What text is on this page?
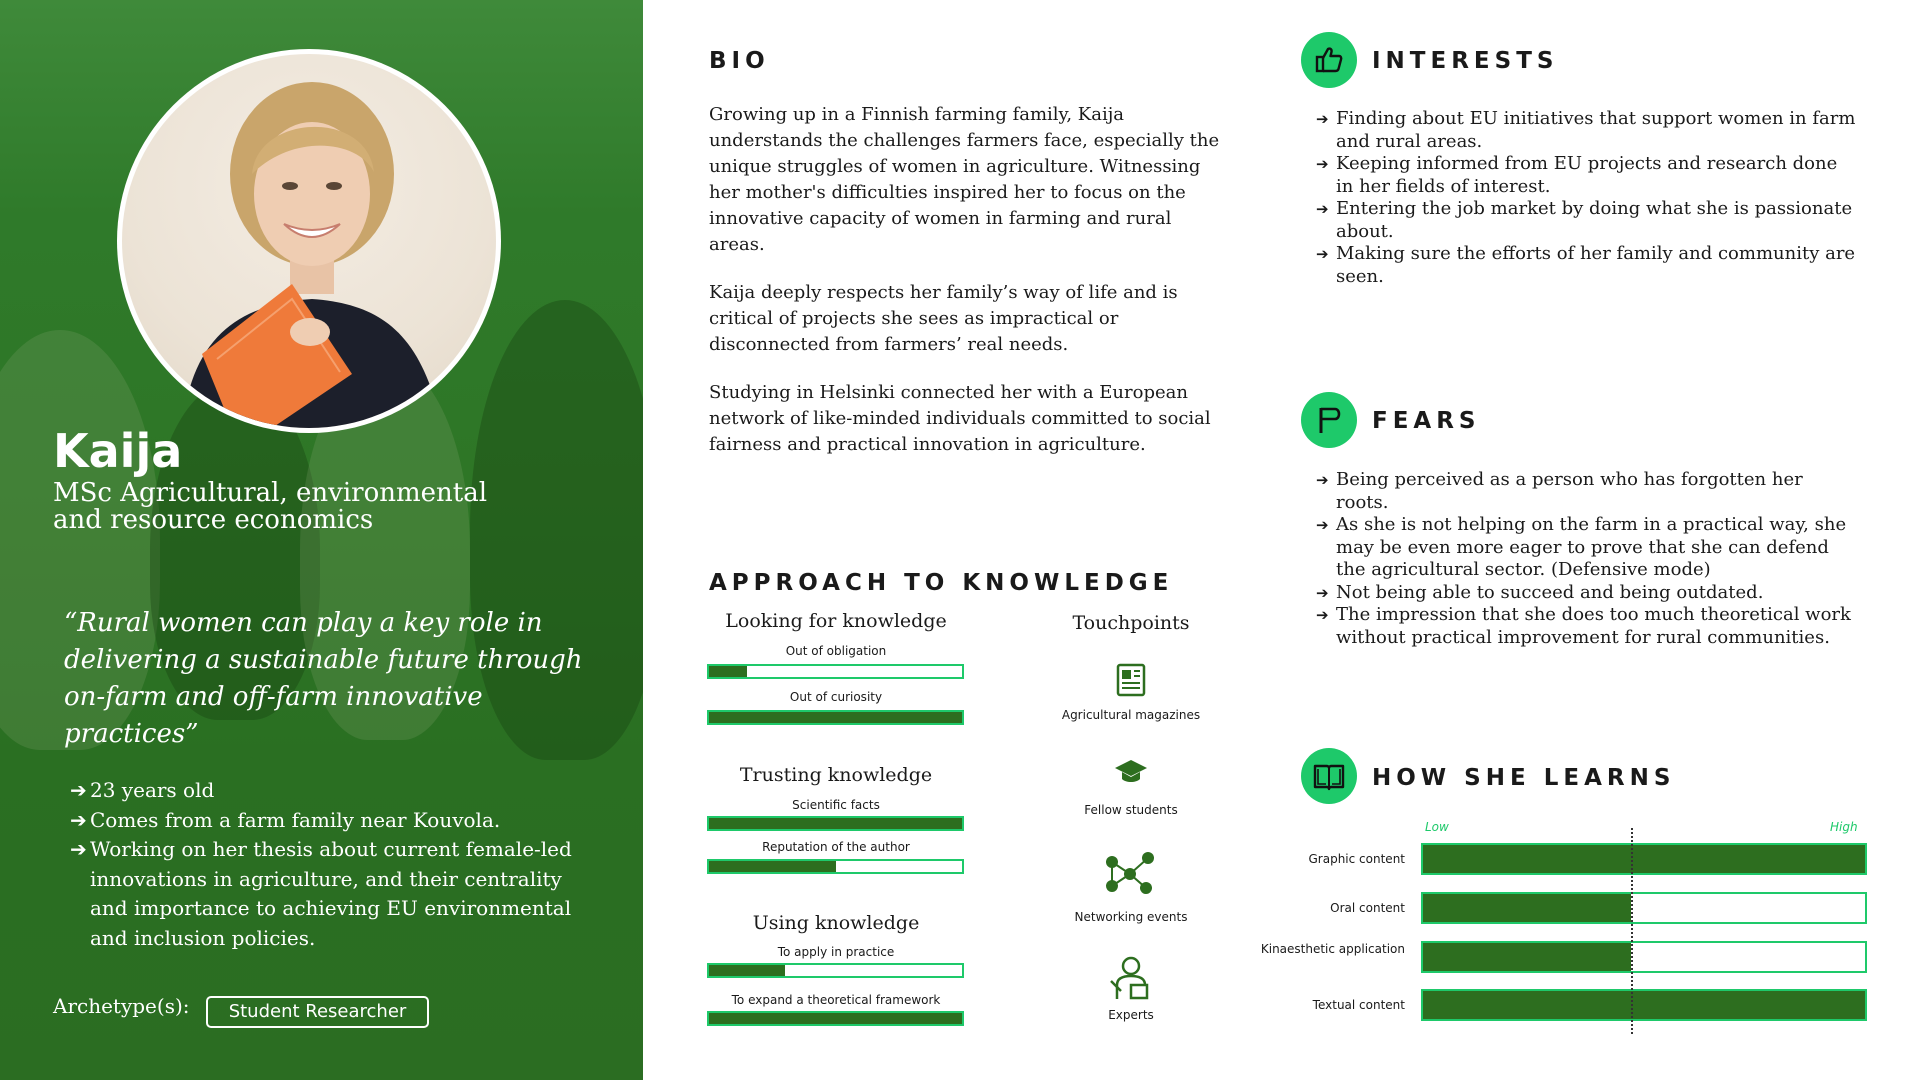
Kaija
MSc Agricultural, environmental and resource economics
“Rural women can play a key role in delivering a sustainable future through on-farm and off-farm innovative practices”
➔ 23 years old
➔ Comes from a farm family near Kouvola.
➔ Working on her thesis about current female-led innovations in agriculture, and their centrality and importance to achieving EU environmental and inclusion policies.
Archetype(s):	Student Researcher
BIO

Growing up in a Finnish farming family, Kaija understands the challenges farmers face, especially the unique struggles of women in agriculture. Witnessing her mother's difficulties inspired her to focus on the innovative capacity of women in farming and rural areas.

Kaija deeply respects her family’s way of life and is critical of projects she sees as impractical or disconnected from farmers’ real needs.

Studying in Helsinki connected her with a European network of like-minded individuals committed to social fairness and practical innovation in agriculture.

INTERESTS
➔ Finding about EU initiatives that support women in farm and rural areas.
➔ Keeping informed from EU projects and research done in her fields of interest.
➔ Entering the job market by doing what she is passionate about.
➔ Making sure the efforts of her family and community are seen.
FEARS
➔ Being perceived as a person who has forgotten her roots.
➔ As she is not helping on the farm in a practical way, she may be even more eager to prove that she can defend the agricultural sector. (Defensive mode)
➔ Not being able to succeed and being outdated.
➔ The impression that she does too much theoretical work without practical improvement for rural communities.
APPROACH TO KNOWLEDGE
Looking for knowledge
Out of obligation
Out of curiosity
Trusting knowledge
Scientific facts
Reputation of the author
Using knowledge
To apply in practice
To expand a theoretical framework
Touchpoints
Agricultural magazines
Fellow students
Networking events
Experts
HOW SHE LEARNS
Low	High
Graphic content
Oral content
Kinaesthetic application
Textual content
